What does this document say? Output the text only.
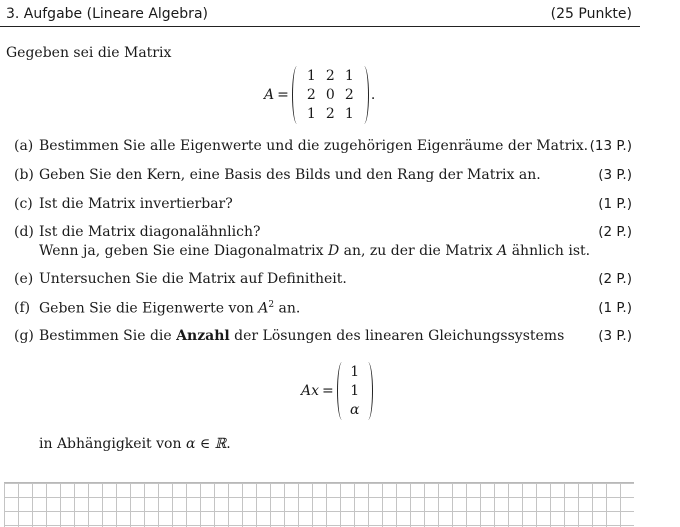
3. Aufgabe (Lineare Algebra)	(25 Punkte)
Gegeben sei die Matrix
A =
1 2 1
2 0 2
1 2 1
.
(a) Bestimmen Sie alle Eigenwerte und die zugehörigen Eigenräume der Matrix. (13 P.)
(b) Geben Sie den Kern, eine Basis des Bilds und den Rang der Matrix an.	(3 P.)
(c) Ist die Matrix invertierbar?	(1 P.)
(d) Ist die Matrix diagonalähnlich?
Wenn ja, geben Sie eine Diagonalmatrix D an, zu der die Matrix A ähnlich ist.
(2 P.)
(e) Untersuchen Sie die Matrix auf Definitheit.	(2 P.)
(f) Geben Sie die Eigenwerte von $A^2$ an.	(1 P.)
(g) Bestimmen Sie die Anzahl der Lösungen des linearen Gleichungssystems	(3 P.)
Ax =
1
1
α
in Abhängigkeit von α ∈ ℝ.
